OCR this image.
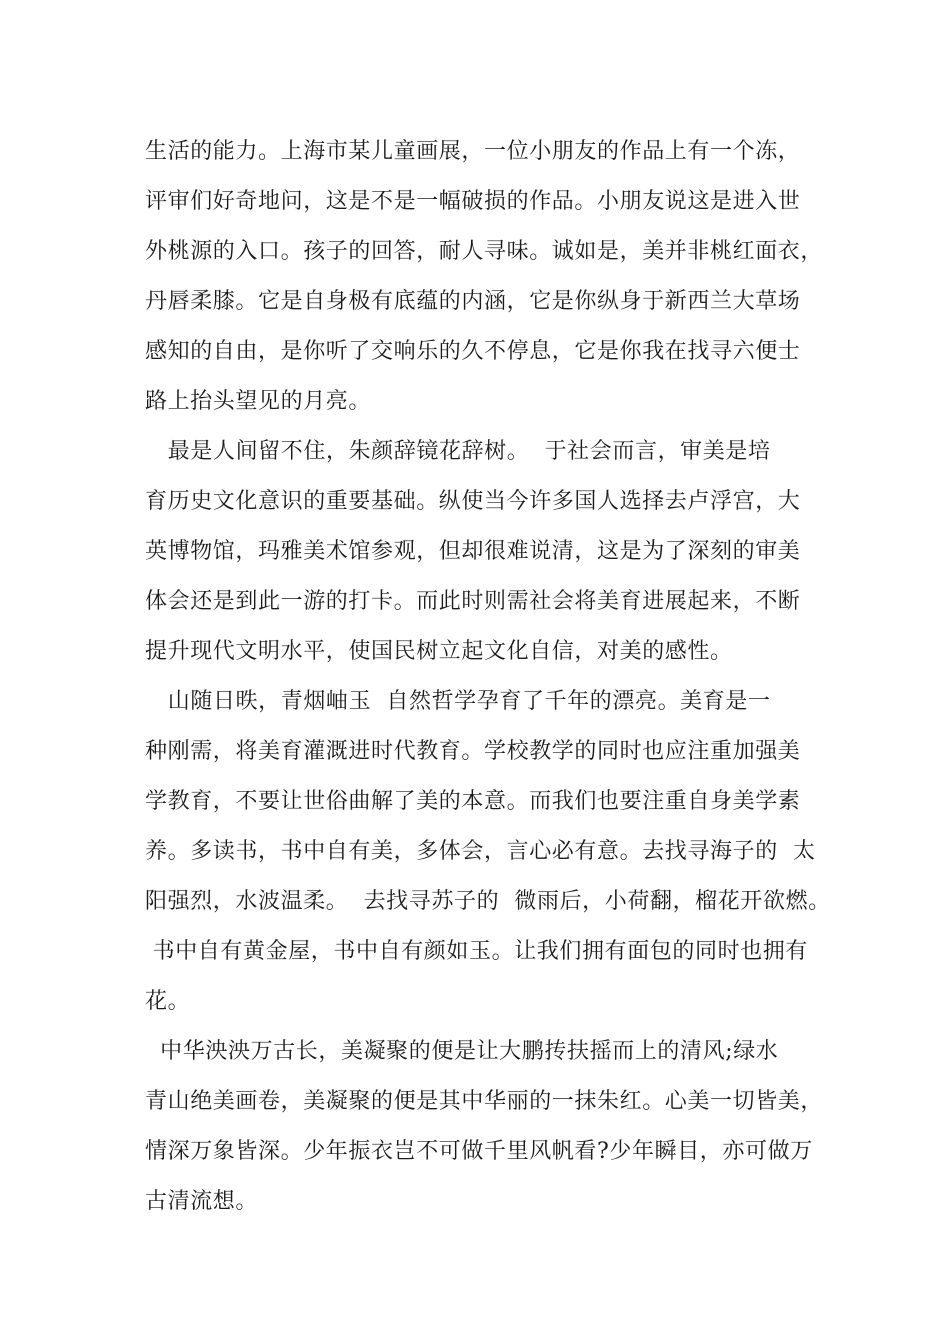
生活的能力。上海市某儿童画展，一位小朋友的作品上有一个冻，
评审们好奇地问，这是不是一幅破损的作品。小朋友说这是进入世
外桃源的入口。孩子的回答，耐人寻味。诚如是，美并非桃红面衣，
丹唇柔膝。它是自身极有底蕴的内涵，它是你纵身于新西兰大草场
感知的自由，是你听了交响乐的久不停息，它是你我在找寻六便士
路上抬头望见的月亮。
最是人间留不住，朱颜辞镜花辞树。  于社会而言，审美是培
育历史文化意识的重要基础。纵使当今许多国人选择去卢浮宫，大
英博物馆，玛雅美术馆参观，但却很难说清，这是为了深刻的审美
体会还是到此一游的打卡。而此时则需社会将美育进展起来，不断
提升现代文明水平，使国民树立起文化自信，对美的感性。
山随日昳，青烟岫玉  自然哲学孕育了千年的漂亮。美育是一
种刚需，将美育灌溉进时代教育。学校教学的同时也应注重加强美
学教育，不要让世俗曲解了美的本意。而我们也要注重自身美学素
养。多读书，书中自有美，多体会，言心必有意。去找寻海子的  太
阳强烈，水波温柔。  去找寻苏子的  微雨后，小荷翻，榴花开欲燃。
书中自有黄金屋，书中自有颜如玉。让我们拥有面包的同时也拥有
花。
中华泱泱万古长，美凝聚的便是让大鹏抟扶摇而上的清风;绿水
青山绝美画卷，美凝聚的便是其中华丽的一抹朱红。心美一切皆美，
情深万象皆深。少年振衣岂不可做千里风帆看?少年瞬目，亦可做万
古清流想。
